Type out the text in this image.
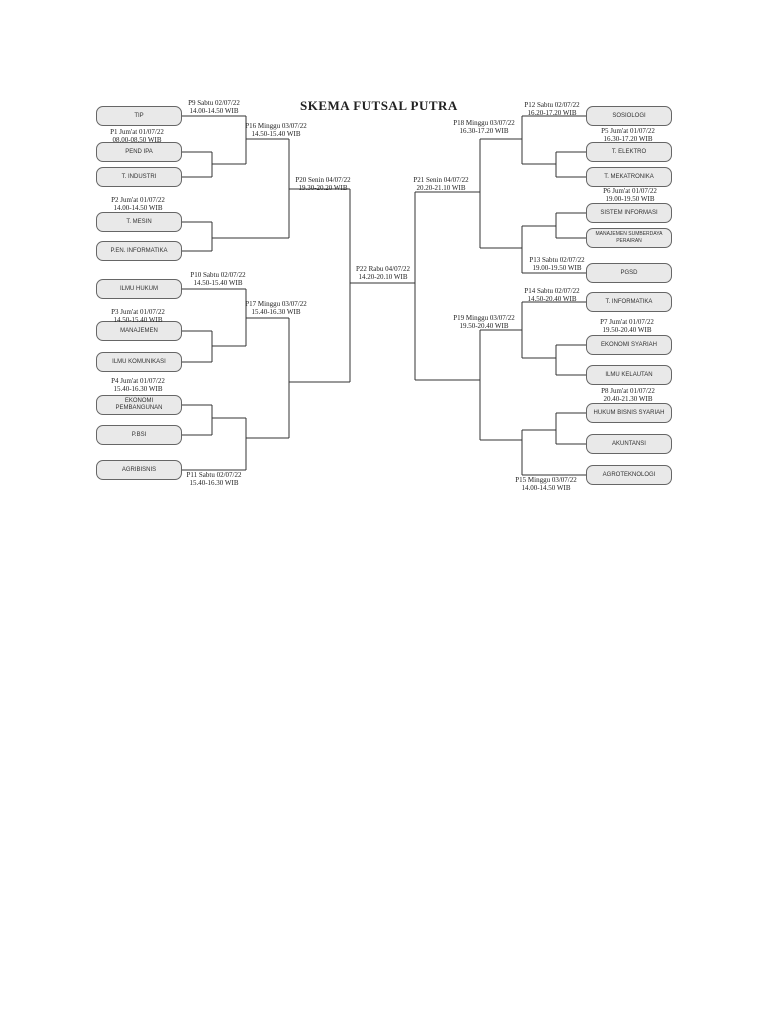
SKEMA FUTSAL PUTRA
TIP
PEND IPA
T. INDUSTRI
T. MESIN
P.EN. INFORMATIKA
ILMU HUKUM
MANAJEMEN
ILMU KOMUNIKASI
EKONOMI
PEMBANGUNAN
P.BSI
AGRIBISNIS
SOSIOLOGI
T. ELEKTRO
T. MEKATRONIKA
SISTEM INFORMASI
MANAJEMEN SUMBERDAYA
PERAIRAN
PGSD
T. INFORMATIKA
EKONOMI SYARIAH
ILMU KELAUTAN
HUKUM BISNIS SYARIAH
AKUNTANSI
AGROTEKNOLOGI
P9 Sabtu 02/07/22
14.00-14.50 WIB
P1 Jum'at 01/07/22
08.00-08.50 WIB
P16 Minggu 03/07/22
14.50-15.40 WIB
P2 Jum'at 01/07/22
14.00-14.50 WIB
P20 Senin 04/07/22
19.30-20.20 WIB
P10 Sabtu 02/07/22
14.50-15.40 WIB
P17 Minggu 03/07/22
15.40-16.30 WIB
P3 Jum'at 01/07/22
14.50-15.40 WIB
P4 Jum'at 01/07/22
15.40-16.30 WIB
P11 Sabtu 02/07/22
15.40-16.30 WIB
P22 Rabu 04/07/22
14.20-20.10 WIB
P12 Sabtu 02/07/22
16.20-17.20 WIB
P18 Minggu 03/07/22
16.30-17.20 WIB	P5 Jum'at 01/07/22
16.30-17.20 WIB
P21 Senin 04/07/22
20.20-21.10 WIB	P6 Jum'at 01/07/22
19.00-19.50 WIB
P13 Sabtu 02/07/22
19.00-19.50 WIB
P14 Sabtu 02/07/22
14.50-20.40 WIB
P19 Minggu 03/07/22
19.50-20.40 WIB	P7 Jum'at 01/07/22
19.50-20.40 WIB
P8 Jum'at 01/07/22
20.40-21.30 WIB
P15 Minggu 03/07/22
14.00-14.50 WIB
